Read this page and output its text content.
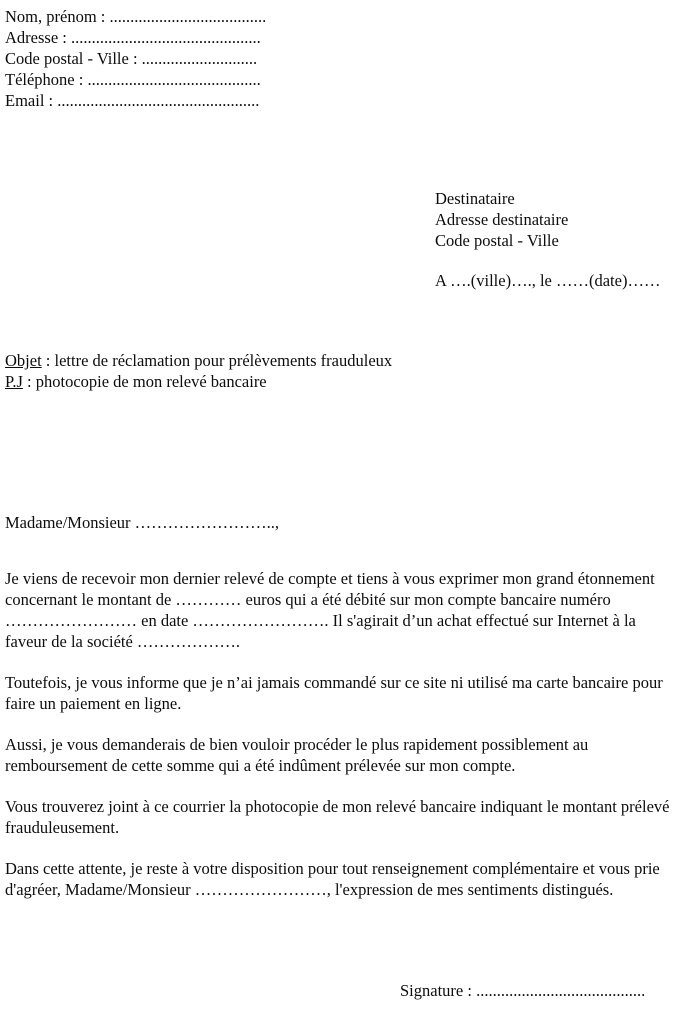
Nom, prénom : ......................................
Adresse : ..............................................
Code postal - Ville : ............................
Téléphone : ..........................................
Email : .................................................
Destinataire
Adresse destinataire
Code postal - Ville
A ….(ville)…., le ……(date)……
Objet : lettre de réclamation pour prélèvements frauduleux
P.J : photocopie de mon relevé bancaire
Madame/Monsieur ……………………..,

Je viens de recevoir mon dernier relevé de compte et tiens à vous exprimer mon grand étonnement concernant le montant de ………… euros qui a été débité sur mon compte bancaire numéro …………………… en date ……………………. Il s'agirait d’un achat effectué sur Internet à la faveur de la société ……………….

Toutefois, je vous informe que je n’ai jamais commandé sur ce site ni utilisé ma carte bancaire pour faire un paiement en ligne.

Aussi, je vous demanderais de bien vouloir procéder le plus rapidement possiblement au remboursement de cette somme qui a été indûment prélevée sur mon compte.

Vous trouverez joint à ce courrier la photocopie de mon relevé bancaire indiquant le montant prélevé frauduleusement.

Dans cette attente, je reste à votre disposition pour tout renseignement complémentaire et vous prie d'agréer, Madame/Monsieur ……………………, l'expression de mes sentiments distingués.

Signature : .........................................
